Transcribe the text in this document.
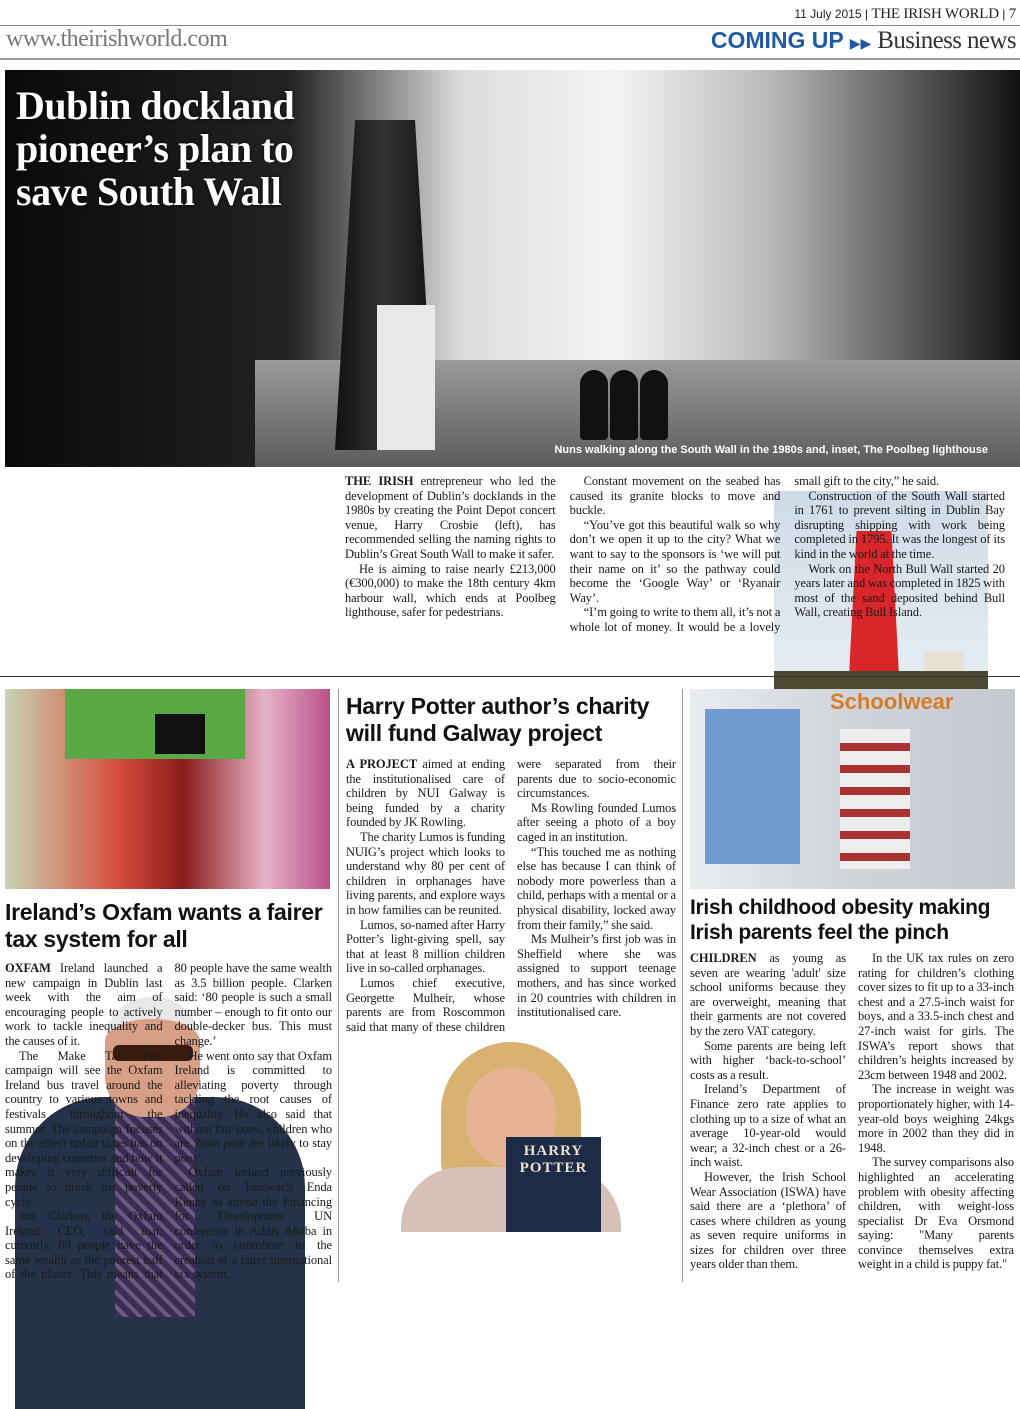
11 July 2015 | THE IRISH WORLD | 7
www.theirishworld.com	COMING UP ▶▶ Business news
Dublin dockland pioneer’s plan to save South Wall
Nuns walking along the South Wall in the 1980s and, inset, The Poolbeg lighthouse

THE IRISH entrepreneur who led the development of Dublin’s docklands in the 1980s by creating the Point Depot concert venue, Harry Crosbie (left), has recommended selling the naming rights to Dublin’s Great South Wall to make it safer.

He is aiming to raise nearly £213,000 (€300,000) to make the 18th century 4km harbour wall, which ends at Poolbeg lighthouse, safer for pedestrians.

Constant movement on the seabed has caused its granite blocks to move and buckle.

“You’ve got this beautiful walk so why don’t we open it up to the city? What we want to say to the sponsors is ‘we will put their name on it’ so the pathway could become the ‘Google Way’ or ‘Ryanair Way’.

“I’m going to write to them all, it’s not a whole lot of money. It would be a lovely small gift to the city,” he said.

Construction of the South Wall started in 1761 to prevent silting in Dublin Bay disrupting shipping with work being completed in 1795. It was the longest of its kind in the world at the time.

Work on the North Bull Wall started 20 years later and was completed in 1825 with most of the sand deposited behind Bull Wall, creating Bull Island.

Ireland’s Oxfam wants a fairer tax system for all

OXFAM Ireland launched a new campaign in Dublin last week with the aim of encouraging people to actively work to tackle inequality and the causes of it.

The Make Tax Fair campaign will see the Oxfam Ireland bus travel around the country to various towns and festivals throughout the summer. The campaign focuses on the effect unfair taxes has on developing countries and how it makes it very difficult for people to break the poverty cycle.

Jim Clarken, the Oxfam Ireland CEO, said that, currently, 80 people have the same wealth as the poorest half of the planet. This means that 80 people have the same wealth as 3.5 billion people. Clarken said: ‘80 people is such a small number – enough to fit onto our double-decker bus. This must change.’

He went onto say that Oxfam Ireland is committed to alleviating poverty through tackling the root causes of inequality. He also said that without fair taxes, children who are ‘born poor are likely to stay poor’.

Oxfam Ireland previously called on Taoiseach Enda Kenny to attend the Financing for Development UN conference in Addis Ababa in order to contribute to the creation of a fairer international tax system.

Harry Potter author’s charity will fund Galway project

A PROJECT aimed at ending the institutionalised care of children by NUI Galway is being funded by a charity founded by JK Rowling.

The charity Lumos is funding NUIG’s project which looks to understand why 80 per cent of children in orphanages have living parents, and explore ways in how families can be reunited.

Lumos, so-named after Harry Potter’s light-giving spell, say that at least 8 million children live in so-called orphanages.

Lumos chief executive, Georgette Mulheir, whose parents are from Roscommon said that many of these children were separated from their parents due to socio-economic circumstances.

Ms Rowling founded Lumos after seeing a photo of a boy caged in an institution.

“This touched me as nothing else has because I can think of nobody more powerless than a child, perhaps with a mental or a physical disability, locked away from their family,” she said.

Ms Mulheir’s first job was in Sheffield where she was assigned to support teenage mothers, and has since worked in 20 countries with children in institutionalised care.

HARRY POTTER
Schoolwear
Irish childhood obesity making Irish parents feel the pinch

CHILDREN as young as seven are wearing 'adult' size school uniforms because they are overweight, meaning that their garments are not covered by the zero VAT category.

Some parents are being left with higher ‘back-to-school’ costs as a result.

Ireland’s Department of Finance zero rate applies to clothing up to a size of what an average 10-year-old would wear; a 32-inch chest or a 26-inch waist.

However, the Irish School Wear Association (ISWA) have said there are a ‘plethora’ of cases where children as young as seven require uniforms in sizes for children over three years older than them.

In the UK tax rules on zero rating for children’s clothing cover sizes to fit up to a 33-inch chest and a 27.5-inch waist for boys, and a 33.5-inch chest and 27-inch waist for girls. The ISWA’s report shows that children’s heights increased by 23cm between 1948 and 2002.

The increase in weight was proportionately higher, with 14-year-old boys weighing 24kgs more in 2002 than they did in 1948.

The survey comparisons also highlighted an accelerating problem with obesity affecting children, with weight-loss specialist Dr Eva Orsmond saying: "Many parents convince themselves extra weight in a child is puppy fat."
